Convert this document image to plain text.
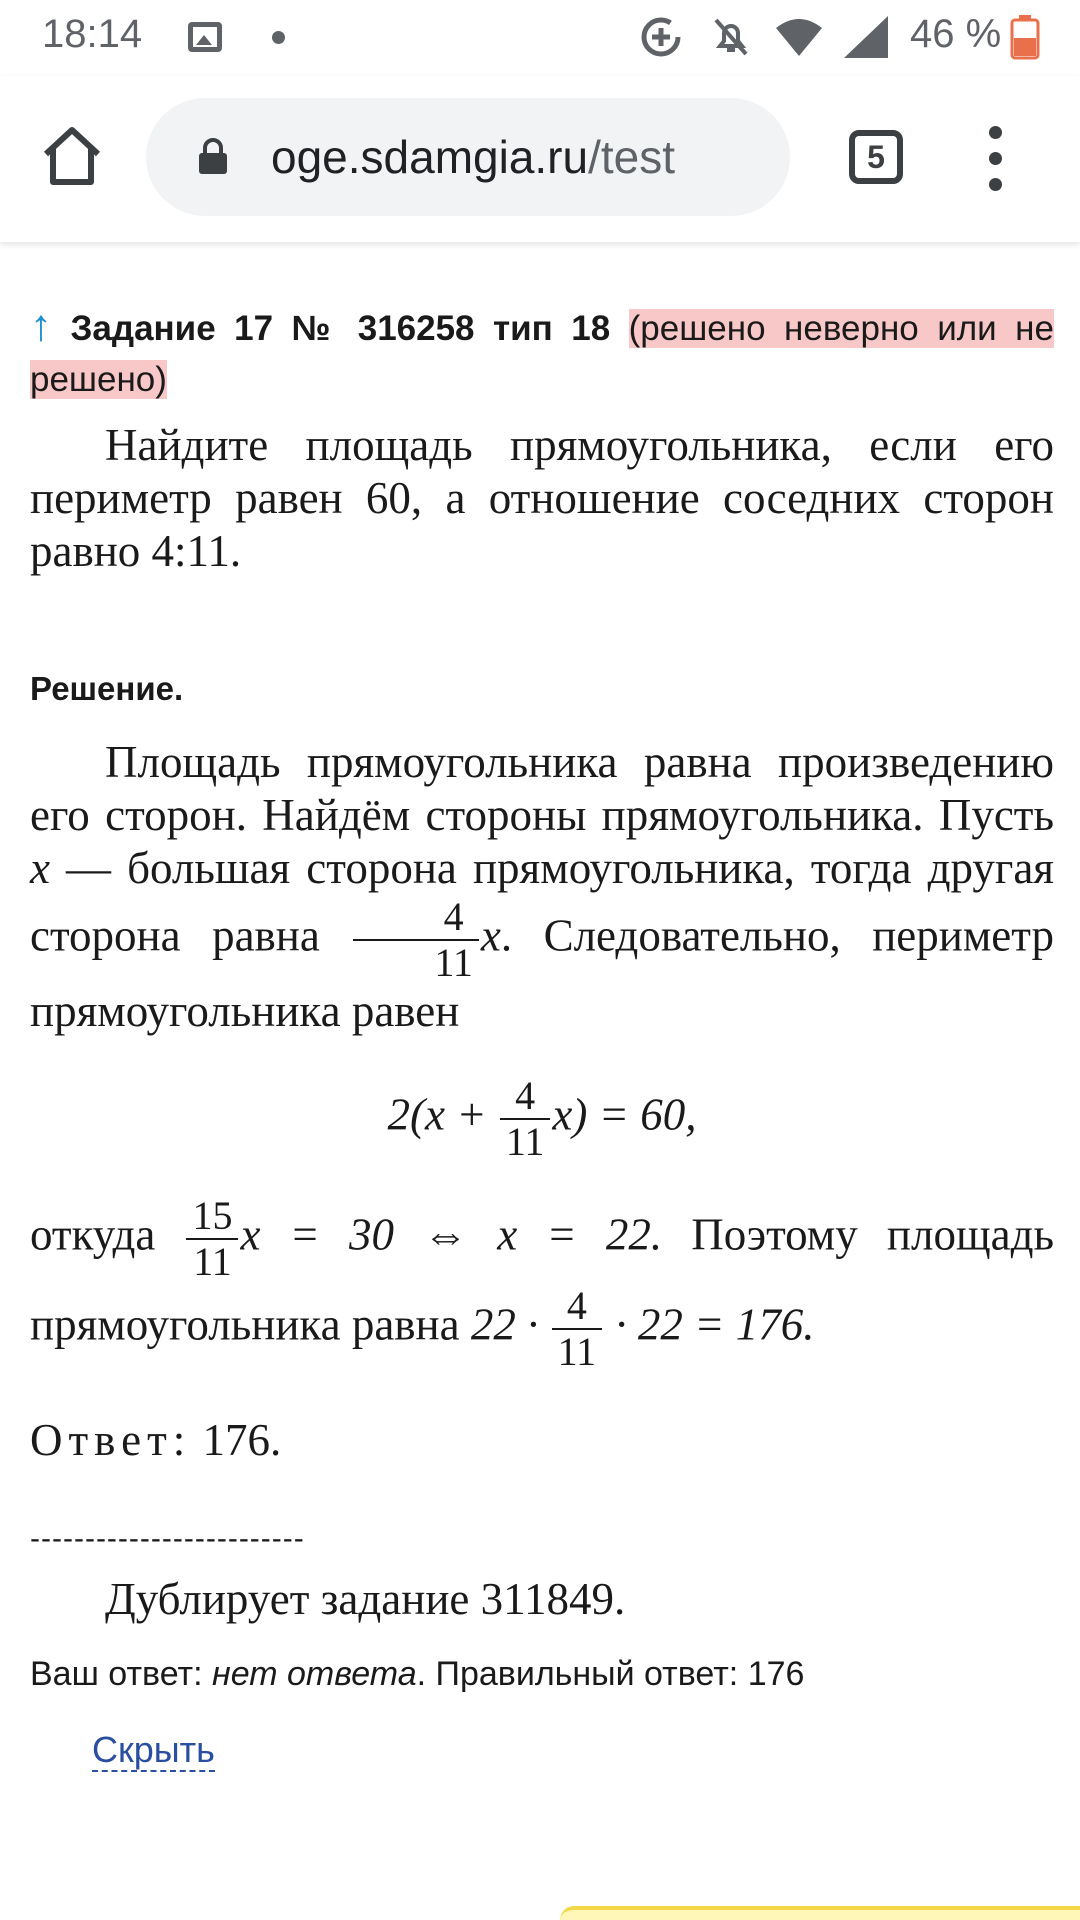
18:14	46 %
oge.sdamgia.ru/test	5
↑ Задание 17 № 316258 тип 18 (решено неверно или не решено)

Найдите площадь прямоугольника, если его периметр равен 60, а отношение соседних сторон равно 4:11.

Решение.

Площадь прямоугольника равна произведению его сторон. Найдём стороны прямоугольника. Пусть x — большая сторона прямоугольника, тогда другая сторона равна $\frac{4}{11} x$. Следовательно, периметр прямоугольника равен

$2(x + \frac{4}{11} x) = 60$,

откуда $\frac{15}{11}$ x = 30 ⇔ x = 22. Поэтому площадь прямоугольника равна $22 \cdot \frac{4}{11} \cdot 22 = 176$.

Ответ: 176.

-------------------------

Дублирует задание 311849.

Ваш ответ: нет ответа. Правильный ответ: 176

Скрыть
